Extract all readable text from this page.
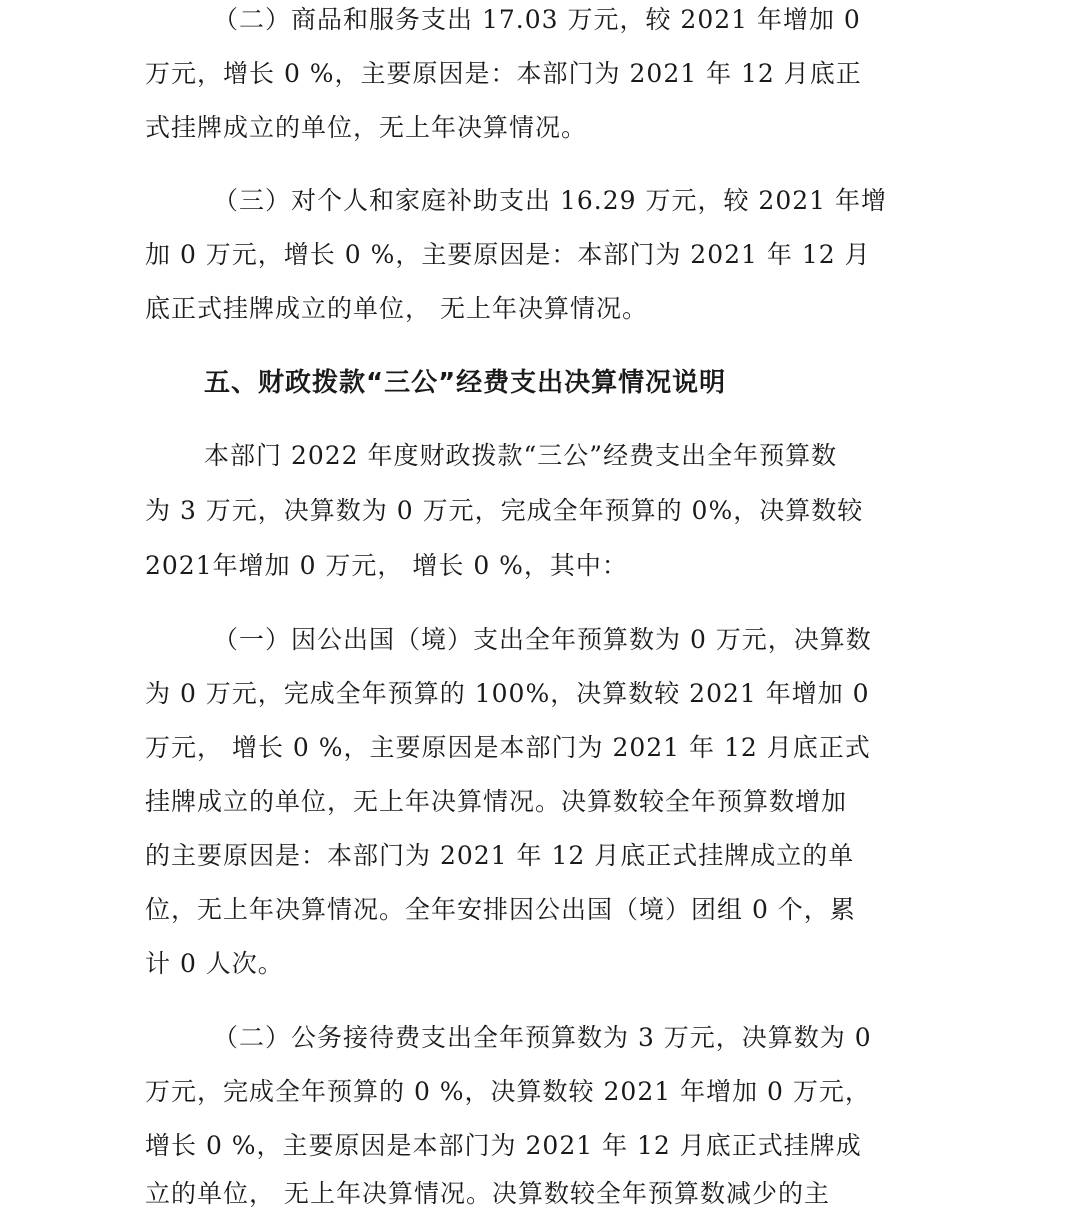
（二）商品和服务支出 17.03 万元，较 2021 年增加 0
万元，增长 0 %，主要原因是：本部门为 2021 年 12 月底正
式挂牌成立的单位，无上年决算情况。
（三）对个人和家庭补助支出 16.29 万元，较 2021 年增
加 0 万元，增长 0 %，主要原因是：本部门为 2021 年 12 月
底正式挂牌成立的单位， 无上年决算情况。
五、财政拨款“三公”经费支出决算情况说明
本部门 2022 年度财政拨款“三公”经费支出全年预算数
为 3 万元，决算数为 0 万元，完成全年预算的 0%，决算数较
2021年增加 0 万元， 增长 0 %，其中：
（一）因公出国（境）支出全年预算数为 0 万元，决算数
为 0 万元，完成全年预算的 100%，决算数较 2021 年增加 0
万元， 增长 0 %，主要原因是本部门为 2021 年 12 月底正式
挂牌成立的单位，无上年决算情况。决算数较全年预算数增加
的主要原因是：本部门为 2021 年 12 月底正式挂牌成立的单
位，无上年决算情况。全年安排因公出国（境）团组 0 个，累
计 0 人次。
（二）公务接待费支出全年预算数为 3 万元，决算数为 0
万元，完成全年预算的 0 %，决算数较 2021 年增加 0 万元，
增长 0 %，主要原因是本部门为 2021 年 12 月底正式挂牌成
立的单位， 无上年决算情况。决算数较全年预算数减少的主
